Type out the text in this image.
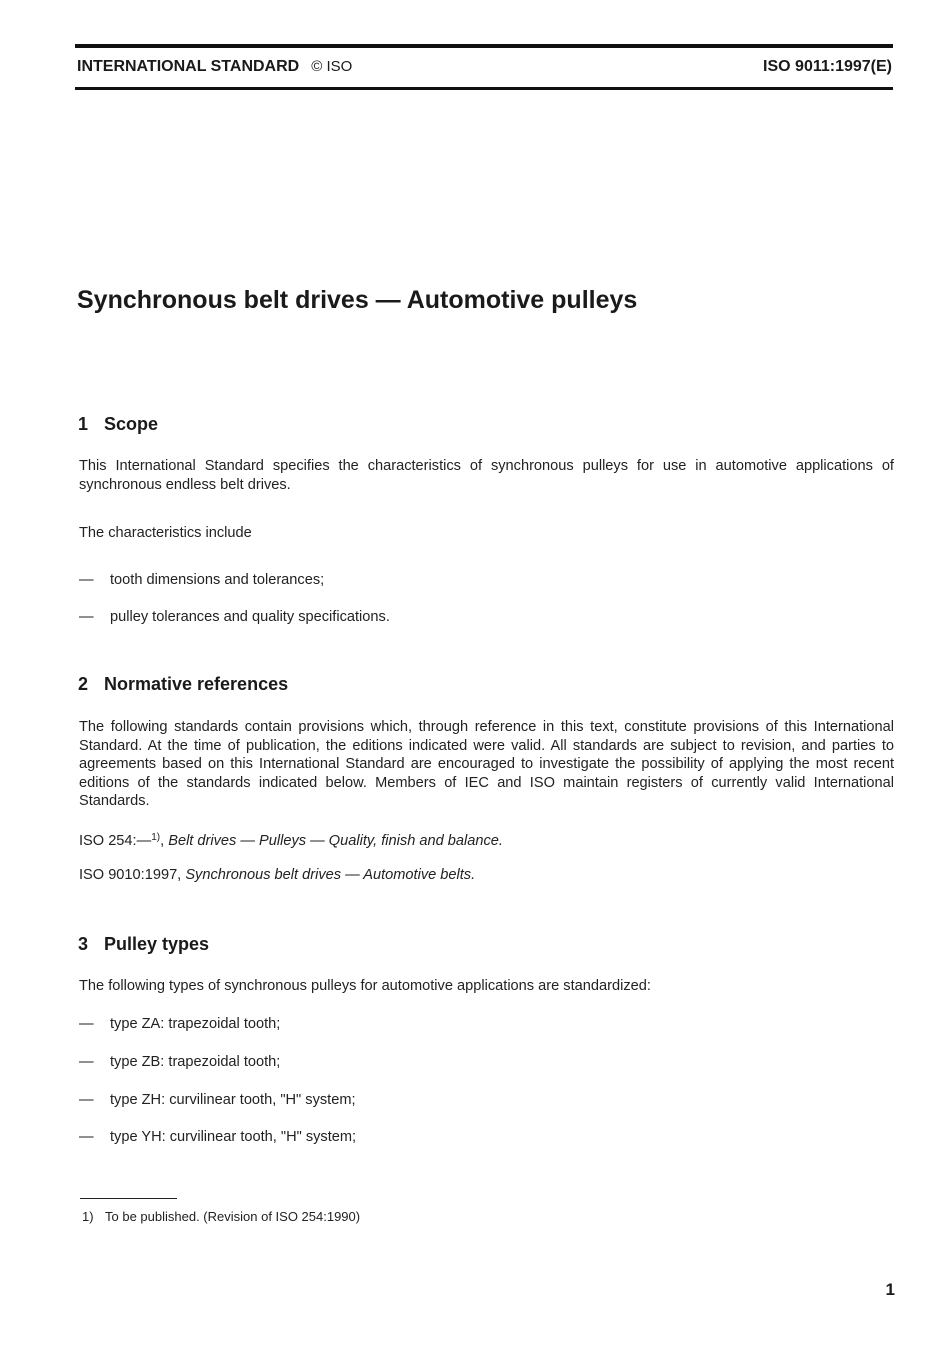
INTERNATIONAL STANDARD © ISO	ISO 9011:1997(E)
Synchronous belt drives — Automotive pulleys
1 Scope

This International Standard specifies the characteristics of synchronous pulleys for use in automotive applications of synchronous endless belt drives.

The characteristics include

— tooth dimensions and tolerances;
— pulley tolerances and quality specifications.
2 Normative references

The following standards contain provisions which, through reference in this text, constitute provisions of this International Standard. At the time of publication, the editions indicated were valid. All standards are subject to revision, and parties to agreements based on this International Standard are encouraged to investigate the possibility of applying the most recent editions of the standards indicated below. Members of IEC and ISO maintain registers of currently valid International Standards.

ISO 254:—$^{1)}$, Belt drives — Pulleys — Quality, finish and balance.
ISO 9010:1997, Synchronous belt drives — Automotive belts.
3 Pulley types

The following types of synchronous pulleys for automotive applications are standardized:

— type ZA: trapezoidal tooth;
— type ZB: trapezoidal tooth;
— type ZH: curvilinear tooth, "H" system;
— type YH: curvilinear tooth, "H" system;
1) To be published. (Revision of ISO 254:1990)
1
